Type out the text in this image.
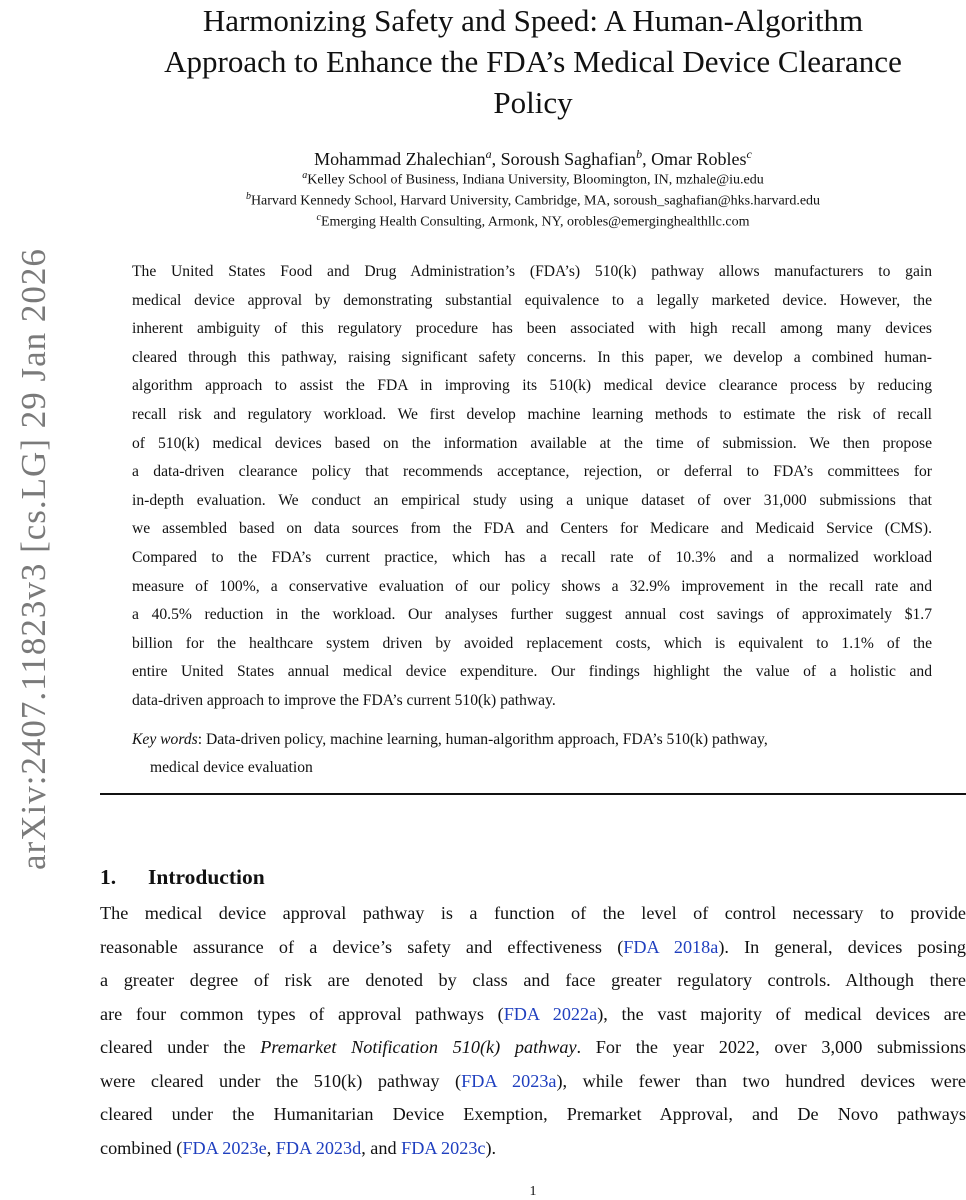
arXiv:2407.11823v3 [cs.LG] 29 Jan 2026
Harmonizing Safety and Speed: A Human-Algorithm
Approach to Enhance the FDA’s Medical Device Clearance
Policy
Mohammad Zhalechian$^a$, Soroush Saghafian$^b$, Omar Robles$^c$
$^a$Kelley School of Business, Indiana University, Bloomington, IN, mzhale@iu.edu
$^b$Harvard Kennedy School, Harvard University, Cambridge, MA, soroush_saghafian@hks.harvard.edu
$^c$Emerging Health Consulting, Armonk, NY, orobles@emerginghealthllc.com
The United States Food and Drug Administration’s (FDA’s) 510(k) pathway allows manufacturers to gain
medical device approval by demonstrating substantial equivalence to a legally marketed device. However, the
inherent ambiguity of this regulatory procedure has been associated with high recall among many devices
cleared through this pathway, raising significant safety concerns. In this paper, we develop a combined human-
algorithm approach to assist the FDA in improving its 510(k) medical device clearance process by reducing
recall risk and regulatory workload. We first develop machine learning methods to estimate the risk of recall
of 510(k) medical devices based on the information available at the time of submission. We then propose
a data-driven clearance policy that recommends acceptance, rejection, or deferral to FDA’s committees for
in-depth evaluation. We conduct an empirical study using a unique dataset of over 31,000 submissions that
we assembled based on data sources from the FDA and Centers for Medicare and Medicaid Service (CMS).
Compared to the FDA’s current practice, which has a recall rate of 10.3% and a normalized workload
measure of 100%, a conservative evaluation of our policy shows a 32.9% improvement in the recall rate and
a 40.5% reduction in the workload. Our analyses further suggest annual cost savings of approximately $1.7
billion for the healthcare system driven by avoided replacement costs, which is equivalent to 1.1% of the
entire United States annual medical device expenditure. Our findings highlight the value of a holistic and
data-driven approach to improve the FDA’s current 510(k) pathway.
Key words: Data-driven policy, machine learning, human-algorithm approach, FDA’s 510(k) pathway,
medical device evaluation
1. Introduction
The medical device approval pathway is a function of the level of control necessary to provide
reasonable assurance of a device’s safety and effectiveness (FDA 2018a). In general, devices posing
a greater degree of risk are denoted by class and face greater regulatory controls. Although there
are four common types of approval pathways (FDA 2022a), the vast majority of medical devices are
cleared under the Premarket Notification 510(k) pathway. For the year 2022, over 3,000 submissions
were cleared under the 510(k) pathway (FDA 2023a), while fewer than two hundred devices were
cleared under the Humanitarian Device Exemption, Premarket Approval, and De Novo pathways
combined (FDA 2023e, FDA 2023d, and FDA 2023c).
1
